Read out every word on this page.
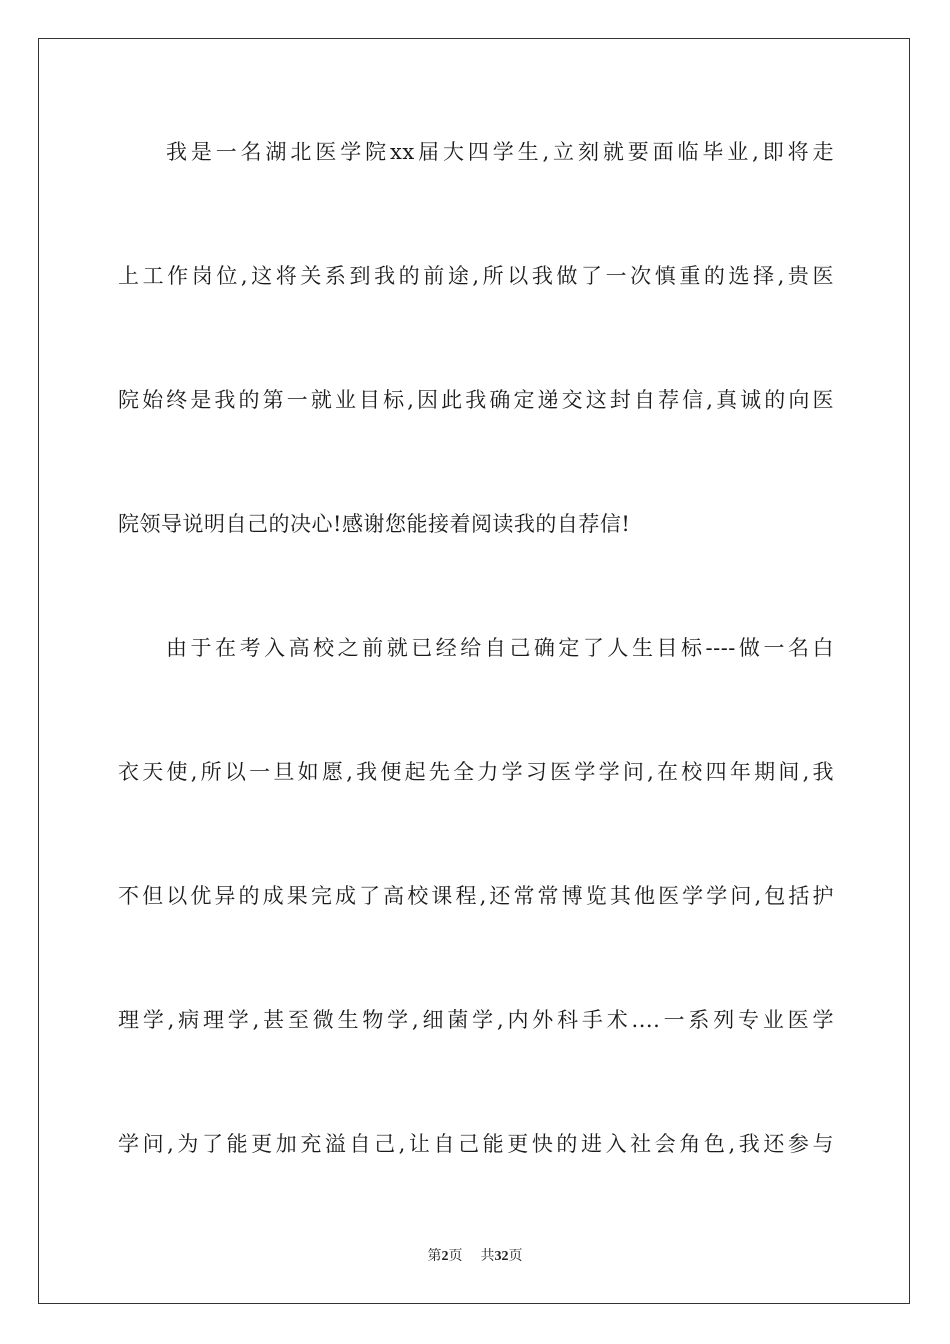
我是一名湖北医学院xx届大四学生,立刻就要面临毕业,即将走
上工作岗位,这将关系到我的前途,所以我做了一次慎重的选择,贵医
院始终是我的第一就业目标,因此我确定递交这封自荐信,真诚的向医
院领导说明自己的决心!感谢您能接着阅读我的自荐信!
由于在考入高校之前就已经给自己确定了人生目标----做一名白
衣天使,所以一旦如愿,我便起先全力学习医学学问,在校四年期间,我
不但以优异的成果完成了高校课程,还常常博览其他医学学问,包括护
理学,病理学,甚至微生物学,细菌学,内外科手术....一系列专业医学
学问,为了能更加充溢自己,让自己能更快的进入社会角色,我还参与
第2页 共32页
